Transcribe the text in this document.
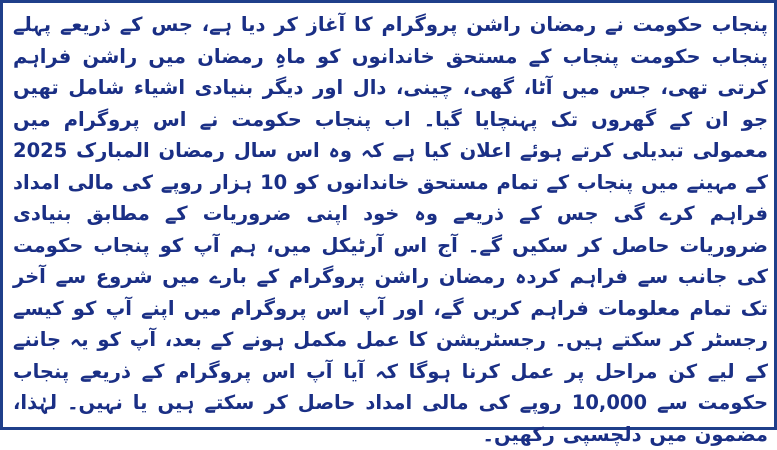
پنجاب حکومت نے رمضان راشن پروگرام کا آغاز کر دیا ہے، جس کے ذریعے پہلے پنجاب حکومت پنجاب کے مستحق خاندانوں کو ماہِ رمضان میں راشن فراہم کرتی تھی، جس میں آٹا، گھی، چینی، دال اور دیگر بنیادی اشیاء شامل تھیں جو ان کے گھروں تک پہنچایا گیا۔ اب پنجاب حکومت نے اس پروگرام میں معمولی تبدیلی کرتے ہوئے اعلان کیا ہے کہ وہ اس سال رمضان المبارک 2025 کے مہینے میں پنجاب کے تمام مستحق خاندانوں کو 10 ہزار روپے کی مالی امداد فراہم کرے گی جس کے ذریعے وہ خود اپنی ضروریات کے مطابق بنیادی ضروریات حاصل کر سکیں گے۔ آج اس آرٹیکل میں، ہم آپ کو پنجاب حکومت کی جانب سے فراہم کردہ رمضان راشن پروگرام کے بارے میں شروع سے آخر تک تمام معلومات فراہم کریں گے، اور آپ اس پروگرام میں اپنے آپ کو کیسے رجسٹر کر سکتے ہیں۔ رجسٹریشن کا عمل مکمل ہونے کے بعد، آپ کو یہ جاننے کے لیے کن مراحل پر عمل کرنا ہوگا کہ آیا آپ اس پروگرام کے ذریعے پنجاب حکومت سے 10,000 روپے کی مالی امداد حاصل کر سکتے ہیں یا نہیں۔ لہٰذا، مضمون میں دلچسپی رکھیں۔
